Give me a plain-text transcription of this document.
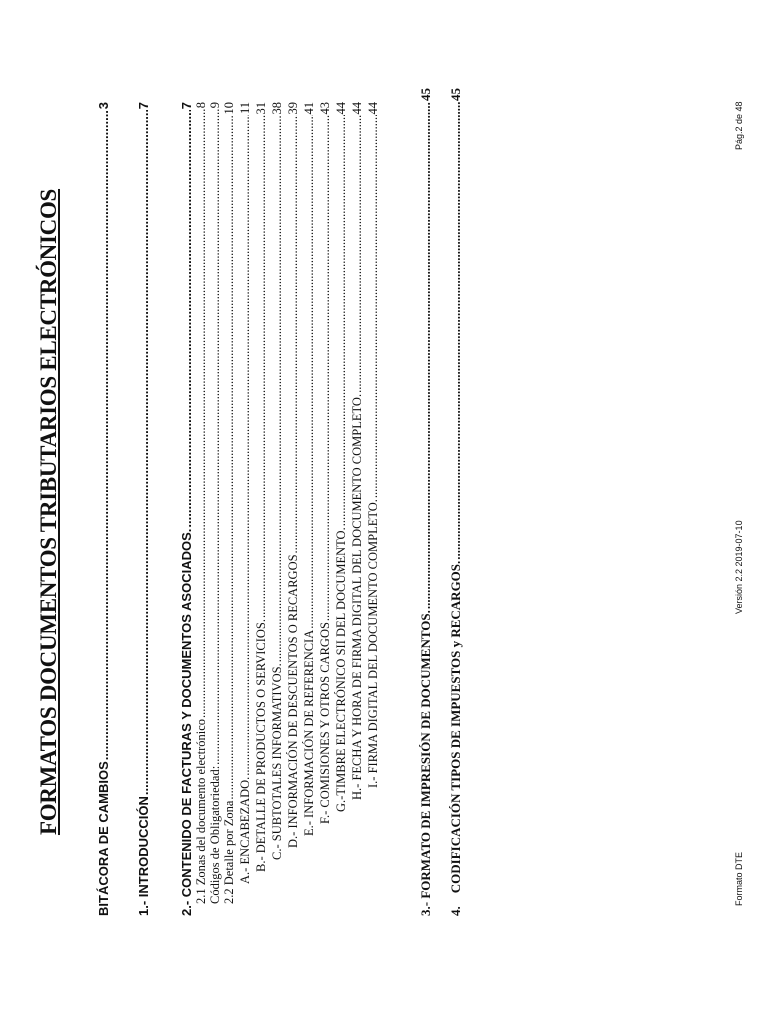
FORMATOS DOCUMENTOS TRIBUTARIOS ELECTRÓNICOS
BITÁCORA DE CAMBIOS
.....
3
1.- INTRODUCCIÓN
.....
7
2.- CONTENIDO DE FACTURAS Y DOCUMENTOS ASOCIADOS.
.....
7
2.1 Zonas del documento electrónico
.....
8
Códigos de Obligatoriedad:
.....
9
2.2 Detalle por Zona
.....
10
A.- ENCABEZADO.
.....
11
B.- DETALLE DE PRODUCTOS O SERVICIOS.
.....
31
C.- SUBTOTALES INFORMATIVOS.
.....
38
D.- INFORMACIÓN DE DESCUENTOS O RECARGOS
.....
39
E.- INFORMACIÓN DE REFERENCIA
.....
41
F.- COMISIONES Y OTROS CARGOS
.....
43
G.-TIMBRE ELECTRÓNICO SII DEL DOCUMENTO.
.....
44
H.- FECHA Y HORA DE FIRMA DIGITAL DEL DOCUMENTO COMPLETO.
.....
44
I.- FIRMA DIGITAL DEL DOCUMENTO COMPLETO.
.....
44
3.- FORMATO DE IMPRESIÓN DE DOCUMENTOS.
.....
45
4.    CODIFICACIÓN TIPOS DE IMPUESTOS y RECARGOS.
.....
45
Formato DTE
Versión 2.2 2019-07-10
Pág.2 de 48
